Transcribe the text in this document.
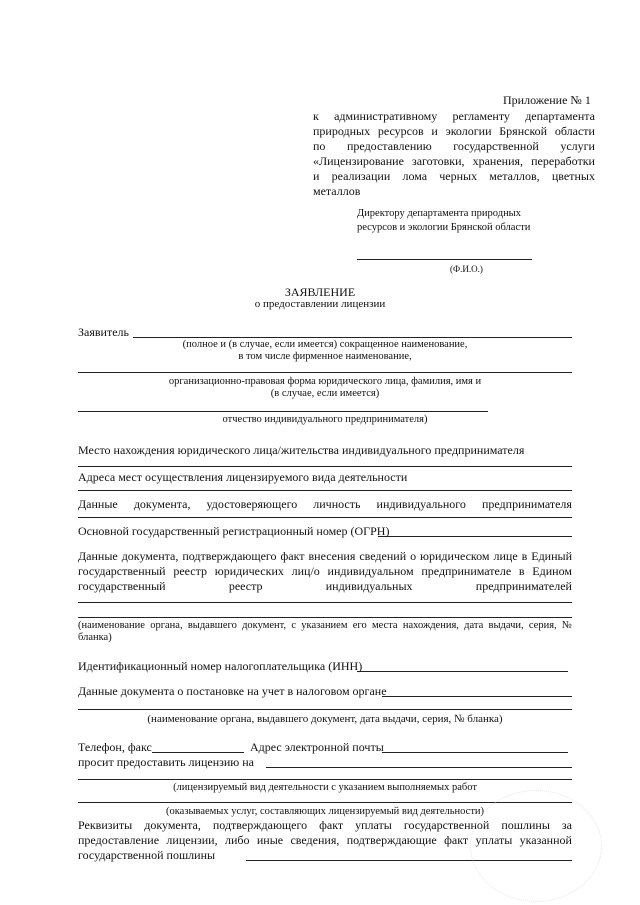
Приложение № 1
к административному регламенту департамента
природных ресурсов и экологии Брянской области
по предоставлению государственной услуги
«Лицензирование заготовки, хранения, переработки
и реализации лома черных металлов, цветных
металлов
Директору департамента природных
ресурсов и экологии Брянской области
(Ф.И.О.)
ЗАЯВЛЕНИЕ
о предоставлении лицензии
Заявитель
(полное и (в случае, если имеется) сокращенное наименование,
в том числе фирменное наименование,
организационно-правовая форма юридического лица, фамилия, имя и
(в случае, если имеется)
отчество индивидуального предпринимателя)
Место нахождения юридического лица/жительства индивидуального предпринимателя
Адреса мест осуществления лицензируемого вида деятельности
Данные документа, удостоверяющего личность индивидуального предпринимателя
Основной государственный регистрационный номер (ОГРН)
Данные документа, подтверждающего факт внесения сведений о юридическом лице в Единый
государственный реестр юридических лиц/о индивидуальном предпринимателе в Едином
государственный	реестр	индивидуальных	предпринимателей
(наименование органа, выдавшего документ, с указанием его места нахождения, дата выдачи, серия, №
бланка)
Идентификационный номер налогоплательщика (ИНН)
Данные документа о постановке на учет в налоговом органе
(наименование органа, выдавшего документ, дата выдачи, серия, № бланка)
Телефон, факс	Адрес электронной почты
просит предоставить лицензию на
(лицензируемый вид деятельности с указанием выполняемых работ
(оказываемых услуг, составляющих лицензируемый вид деятельности)
Реквизиты документа, подтверждающего факт уплаты государственной пошлины за
предоставление лицензии, либо иные сведения, подтверждающие факт уплаты указанной
государственной пошлины
